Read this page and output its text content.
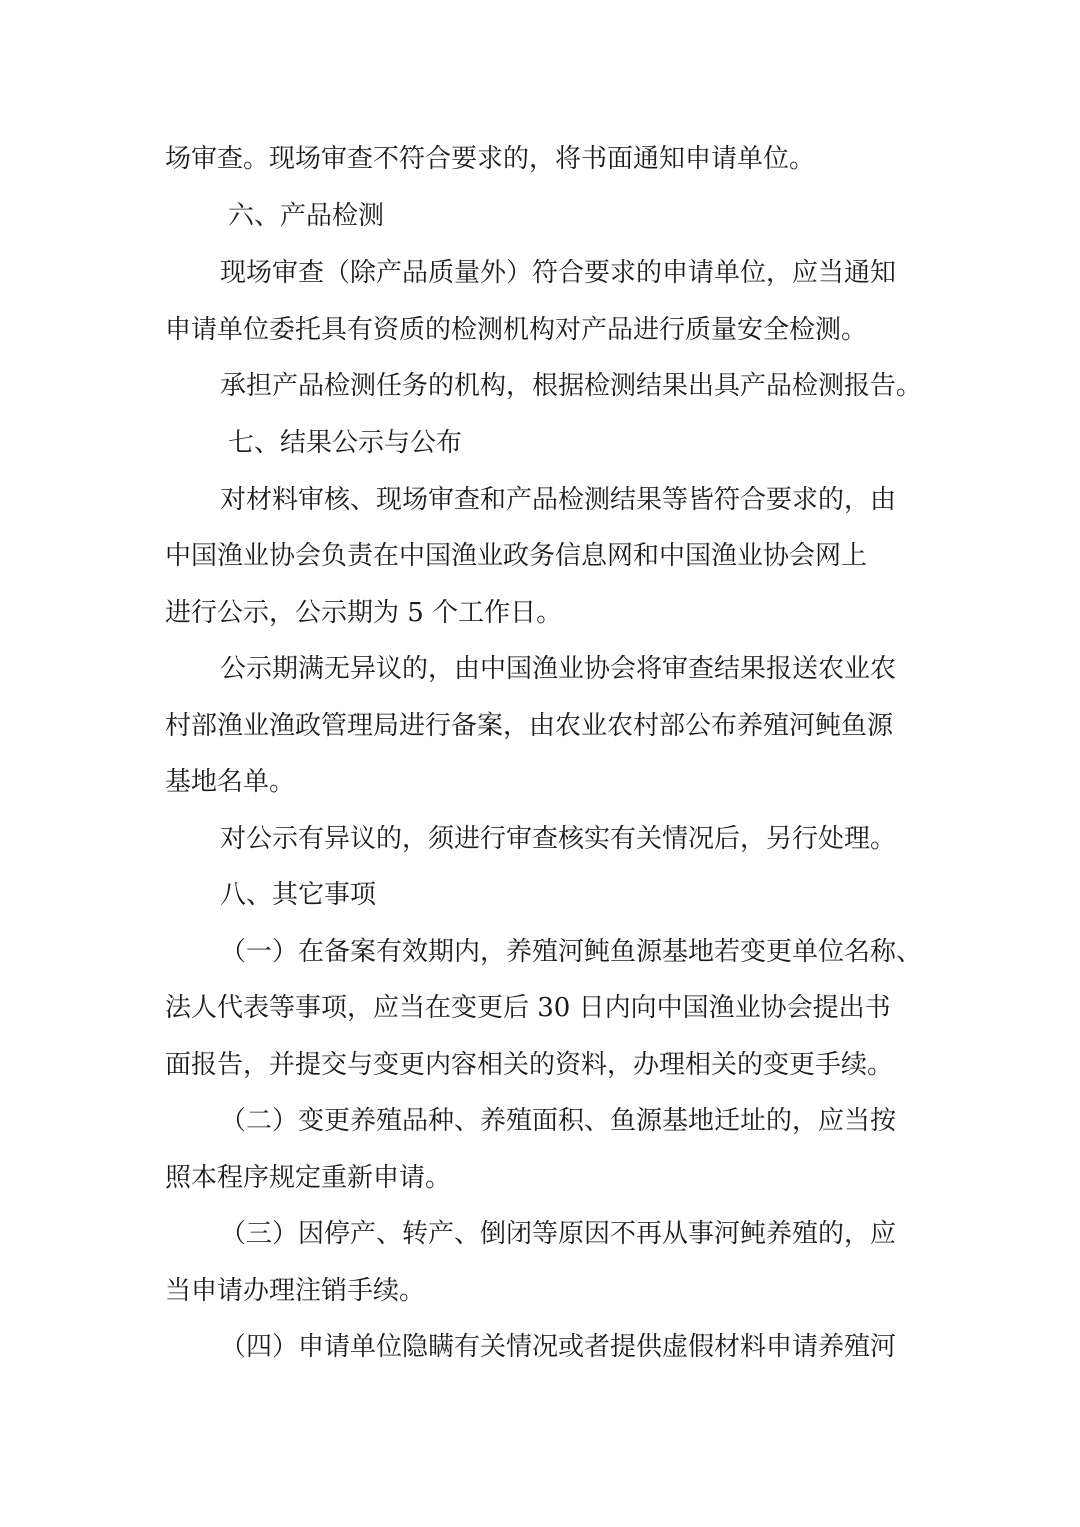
场审查。现场审查不符合要求的，将书面通知申请单位。
六、产品检测
现场审查（除产品质量外）符合要求的申请单位，应当通知
申请单位委托具有资质的检测机构对产品进行质量安全检测。
承担产品检测任务的机构，根据检测结果出具产品检测报告。
七、结果公示与公布
对材料审核、现场审查和产品检测结果等皆符合要求的，由
中国渔业协会负责在中国渔业政务信息网和中国渔业协会网上
进行公示，公示期为 5 个工作日。
公示期满无异议的，由中国渔业协会将审查结果报送农业农
村部渔业渔政管理局进行备案，由农业农村部公布养殖河鲀鱼源
基地名单。
对公示有异议的，须进行审查核实有关情况后，另行处理。
八、其它事项
（一）在备案有效期内，养殖河鲀鱼源基地若变更单位名称、
法人代表等事项，应当在变更后 30 日内向中国渔业协会提出书
面报告，并提交与变更内容相关的资料，办理相关的变更手续。
（二）变更养殖品种、养殖面积、鱼源基地迁址的，应当按
照本程序规定重新申请。
（三）因停产、转产、倒闭等原因不再从事河鲀养殖的，应
当申请办理注销手续。
（四）申请单位隐瞒有关情况或者提供虚假材料申请养殖河
